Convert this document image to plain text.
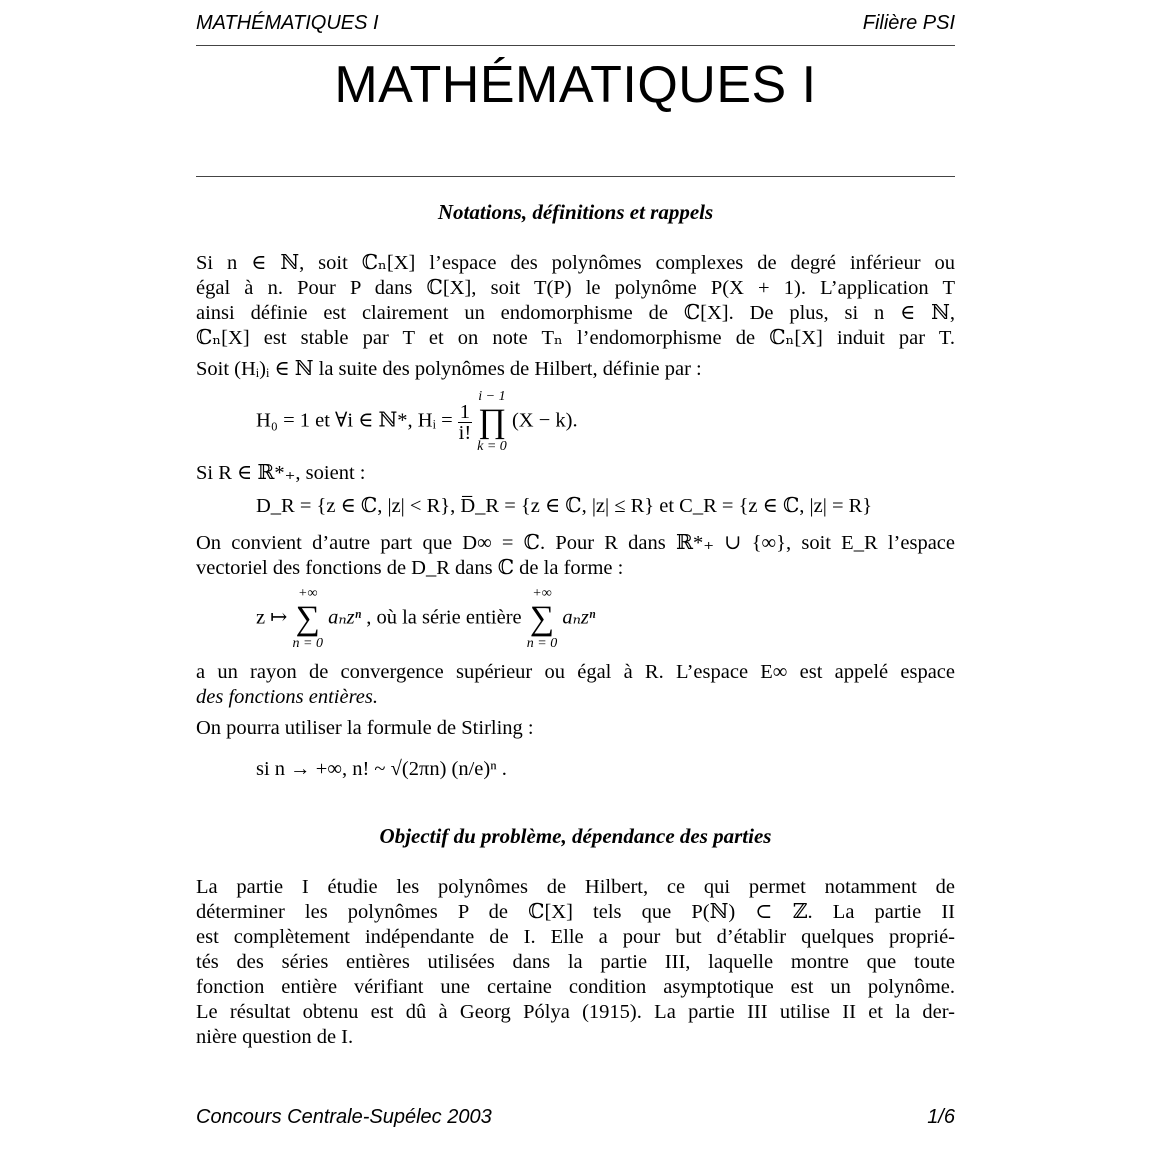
MATHÉMATIQUES I	Filière PSI
MATHÉMATIQUES I
Notations, définitions et rappels
Si n ∈ ℕ, soit ℂₙ[X] l’espace des polynômes complexes de degré inférieur ou
égal à n. Pour P dans ℂ[X], soit T(P) le polynôme P(X + 1). L’application T
ainsi définie est clairement un endomorphisme de ℂ[X]. De plus, si n ∈ ℕ,
ℂₙ[X] est stable par T et on note Tₙ l’endomorphisme de ℂₙ[X] induit par T.
Soit (Hᵢ)ᵢ ∈ ℕ la suite des polynômes de Hilbert, définie par :
H₀ = 1 et ∀i ∈ ℕ*, Hᵢ = $\frac{1}{i!}$

i − 1
∏
k = 0
(X − k).
Si R ∈ ℝ*₊, soient :
D_R = {z ∈ ℂ, |z| < R}, D̅_R = {z ∈ ℂ, |z| ≤ R} et C_R = {z ∈ ℂ, |z| = R}
On convient d’autre part que D∞ = ℂ. Pour R dans ℝ*₊ ∪ {∞}, soit E_R l’espace
vectoriel des fonctions de D_R dans ℂ de la forme :
z ↦
+∞
∑
n = 0
aₙzⁿ , où la série entière
+∞
∑
n = 0
aₙzⁿ
a un rayon de convergence supérieur ou égal à R. L’espace E∞ est appelé espace
des fonctions entières.
On pourra utiliser la formule de Stirling :
si n → +∞, n! ~ √(2πn) (n/e)ⁿ .
Objectif du problème, dépendance des parties
La partie I étudie les polynômes de Hilbert, ce qui permet notamment de
déterminer les polynômes P de ℂ[X] tels que P(ℕ) ⊂ ℤ. La partie II
est complètement indépendante de I. Elle a pour but d’établir quelques proprié-
tés des séries entières utilisées dans la partie III, laquelle montre que toute
fonction entière vérifiant une certaine condition asymptotique est un polynôme.
Le résultat obtenu est dû à Georg Pólya (1915). La partie III utilise II et la der-
nière question de I.
Concours Centrale-Supélec 2003	1/6
